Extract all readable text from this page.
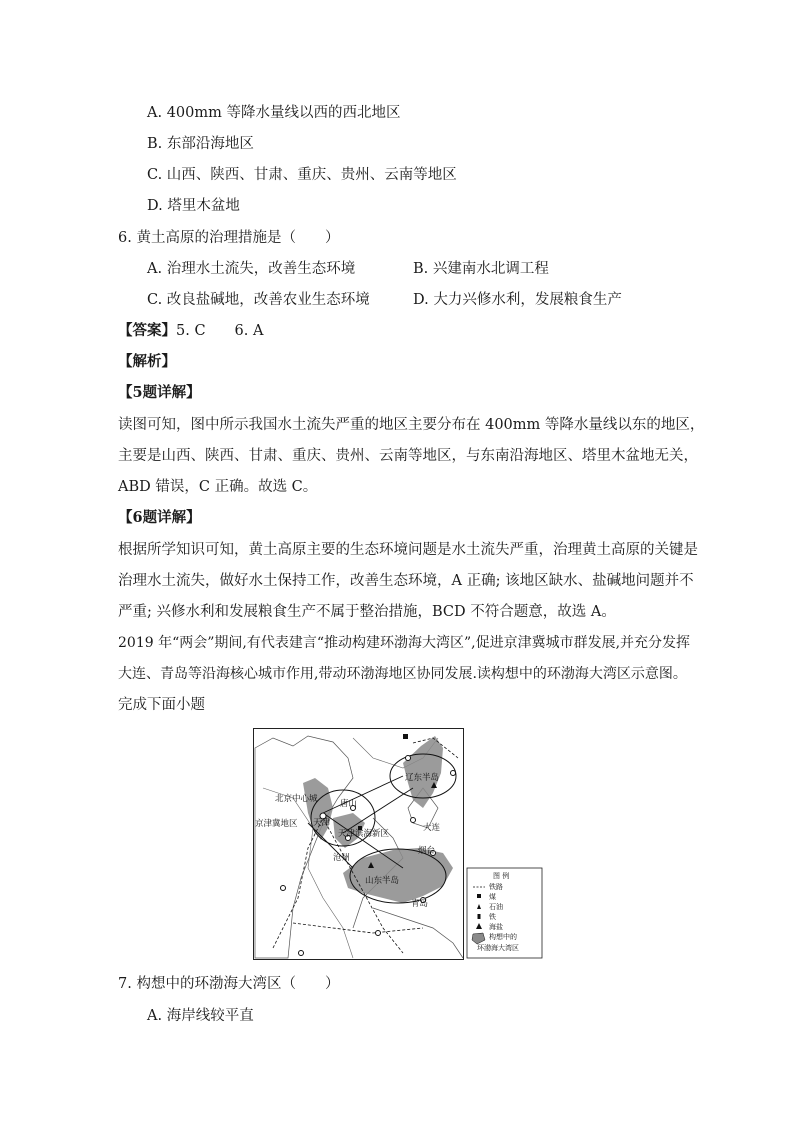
A. 400mm 等降水量线以西的西北地区
B. 东部沿海地区
C. 山西、陕西、甘肃、重庆、贵州、云南等地区
D. 塔里木盆地
6. 黄土高原的治理措施是（　　）
A. 治理水土流失，改善生态环境	B. 兴建南水北调工程
C. 改良盐碱地，改善农业生态环境	D. 大力兴修水利，发展粮食生产
【答案】5. C　　6. A
【解析】
【5题详解】
读图可知，图中所示我国水土流失严重的地区主要分布在 400mm 等降水量线以东的地区，
主要是山西、陕西、甘肃、重庆、贵州、云南等地区，与东南沿海地区、塔里木盆地无关，
ABD 错误，C 正确。故选 C。
【6题详解】
根据所学知识可知，黄土高原主要的生态环境问题是水土流失严重，治理黄土高原的关键是
治理水土流失，做好水土保持工作，改善生态环境，A 正确; 该地区缺水、盐碱地问题并不
严重; 兴修水利和发展粮食生产不属于整治措施，BCD 不符合题意，故选 A。
2019 年“两会”期间,有代表建言“推动构建环渤海大湾区”,促进京津冀城市群发展,并充分发挥
大连、青岛等沿海核心城市作用,带动环渤海地区协同发展.读构想中的环渤海大湾区示意图。
完成下面小题
辽东半岛
北京中心城	唐山
天津
京津冀地区
天津滨海新区
大连
沧州
烟台
山东半岛
青岛
图 例
铁路
煤
石油
铁
海盐
构想中的
环渤海大湾区
7. 构想中的环渤海大湾区（　　）
A. 海岸线较平直
